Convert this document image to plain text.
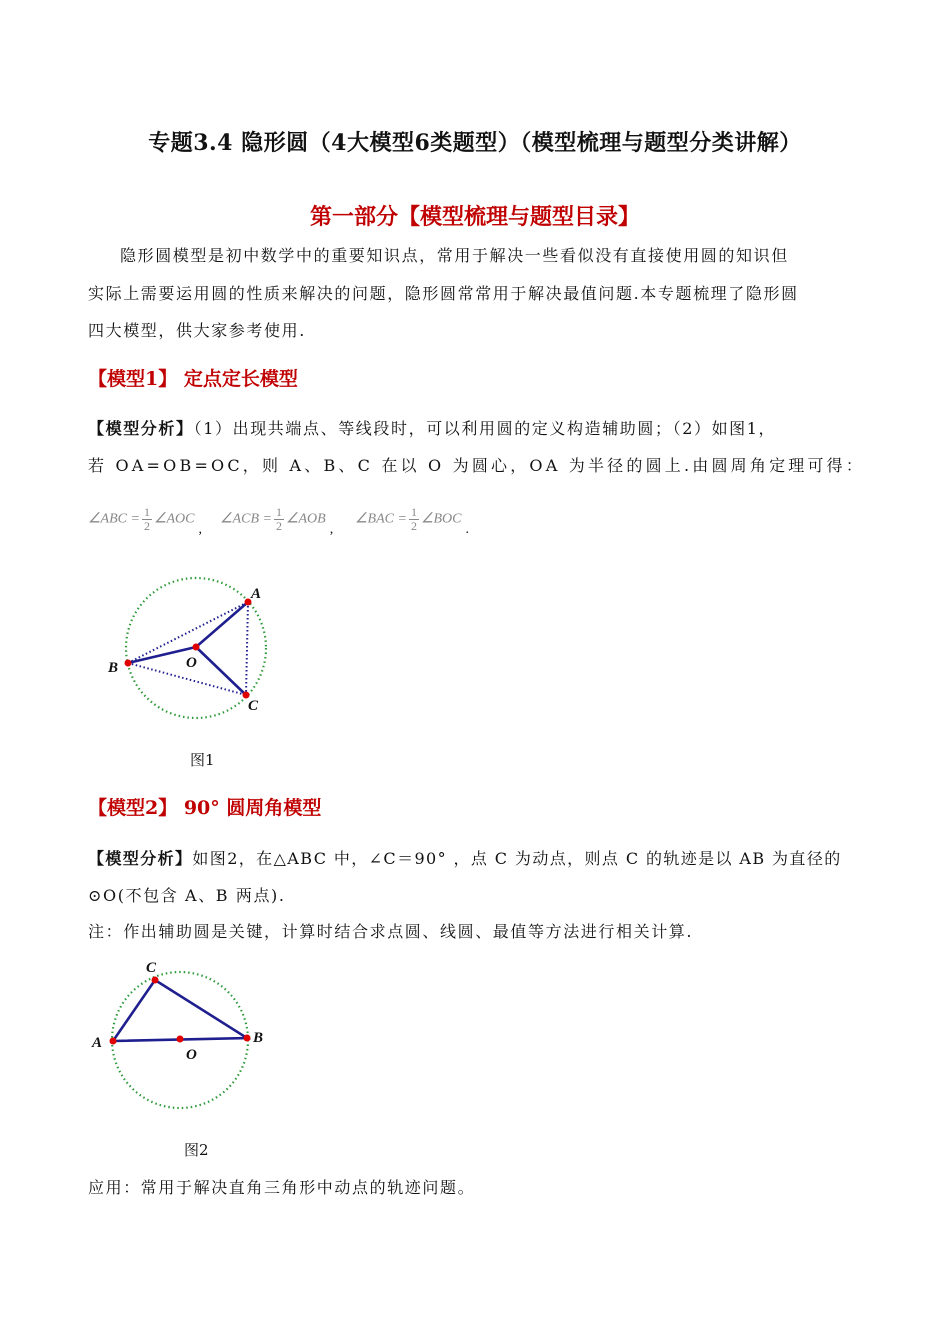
专题3.4 隐形圆（4大模型6类题型）（模型梳理与题型分类讲解）
第一部分【模型梳理与题型目录】
隐形圆模型是初中数学中的重要知识点，常用于解决一些看似没有直接使用圆的知识但
实际上需要运用圆的性质来解决的问题，隐形圆常常用于解决最值问题.本专题梳理了隐形圆
四大模型，供大家参考使用.
【模型1】 定点定长模型
【模型分析】（1）出现共端点、等线段时，可以利用圆的定义构造辅助圆；（2）如图1，
若 OA=OB=OC，则 A、B、C 在以 O 为圆心，OA 为半径的圆上.由圆周角定理可得：
∠ABC = $\frac{1}{2}$ ∠AOC,
∠ACB = $\frac{1}{2}$ ∠AOB,
∠BAC = $\frac{1}{2}$ ∠BOC.
A
B	O
C
C
A	B
O
图1
【模型2】 90° 圆周角模型
【模型分析】如图2，在△ABC 中，∠C＝90° ，点 C 为动点，则点 C 的轨迹是以 AB 为直径的
⊙O(不包含 A、B 两点).
注：作出辅助圆是关键，计算时结合求点圆、线圆、最值等方法进行相关计算.
图2
应用：常用于解决直角三角形中动点的轨迹问题。
